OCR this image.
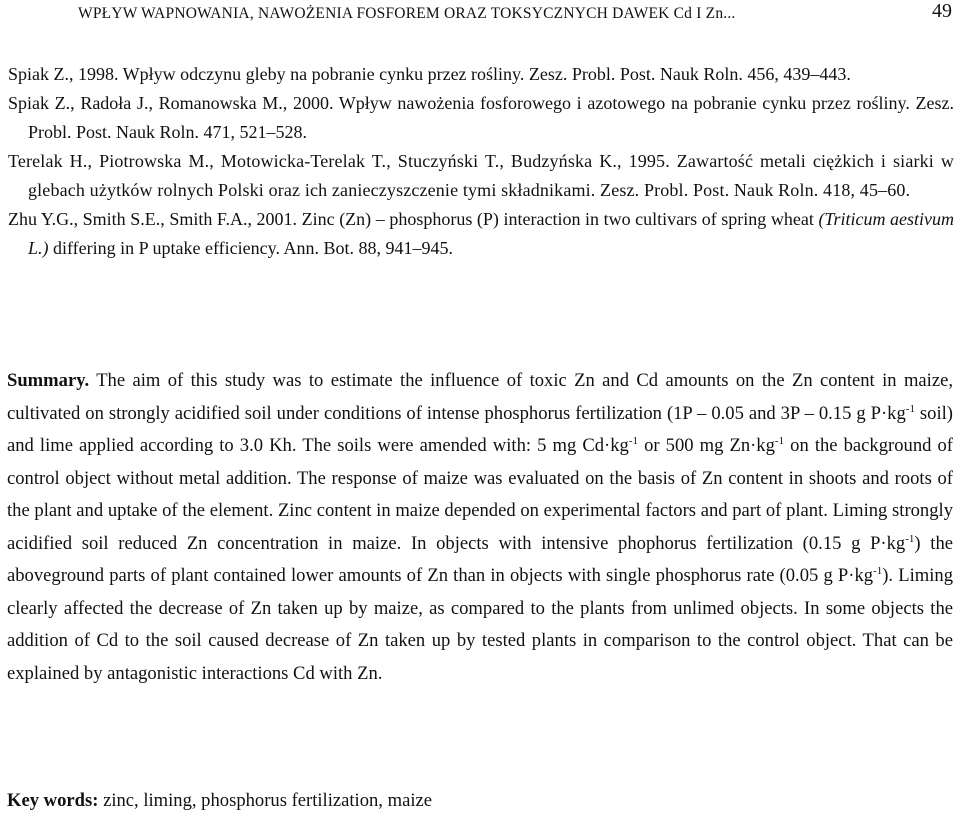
WPŁYW WAPNOWANIA, NAWOŻENIA FOSFOREM ORAZ TOKSYCZNYCH DAWEK Cd I Zn...	49

Spiak Z., 1998. Wpływ odczynu gleby na pobranie cynku przez rośliny. Zesz. Probl. Post. Nauk Roln. 456, 439–443.

Spiak Z., Radoła J., Romanowska M., 2000. Wpływ nawożenia fosforowego i azotowego na pobranie cynku przez rośliny. Zesz. Probl. Post. Nauk Roln. 471, 521–528.

Terelak H., Piotrowska M., Motowicka-Terelak T., Stuczyński T., Budzyńska K., 1995. Zawartość metali ciężkich i siarki w glebach użytków rolnych Polski oraz ich zanieczyszczenie tymi składnikami. Zesz. Probl. Post. Nauk Roln. 418, 45–60.

Zhu Y.G., Smith S.E., Smith F.A., 2001. Zinc (Zn) – phosphorus (P) interaction in two cultivars of spring wheat (Triticum aestivum L.) differing in P uptake efficiency. Ann. Bot. 88, 941–945.

Summary. The aim of this study was to estimate the influence of toxic Zn and Cd amounts on the Zn content in maize, cultivated on strongly acidified soil under conditions of intense phosphorus fertilization (1P – 0.05 and 3P – 0.15 g $P\cdot kg^{-1}$ soil) and lime applied according to 3.0 Kh. The soils were amended with: 5 mg $Cd\cdot kg^{-1}$ or 500 mg $Zn\cdot kg^{-1}$ on the background of control object without metal addition. The response of maize was evaluated on the basis of Zn content in shoots and roots of the plant and uptake of the element. Zinc content in maize depended on experimental factors and part of plant. Liming strongly acidified soil reduced Zn concentration in maize. In objects with intensive phophorus fertilization (0.15 g $P\cdot kg^{-1}$) the aboveground parts of plant contained lower amounts of Zn than in objects with single phosphorus rate (0.05 g $P\cdot kg^{-1}$). Liming clearly affected the decrease of Zn taken up by maize, as compared to the plants from unlimed objects. In some objects the addition of Cd to the soil caused decrease of Zn taken up by tested plants in comparison to the control object. That can be explained by antagonistic interactions Cd with Zn.

Key words: zinc, liming, phosphorus fertilization, maize
